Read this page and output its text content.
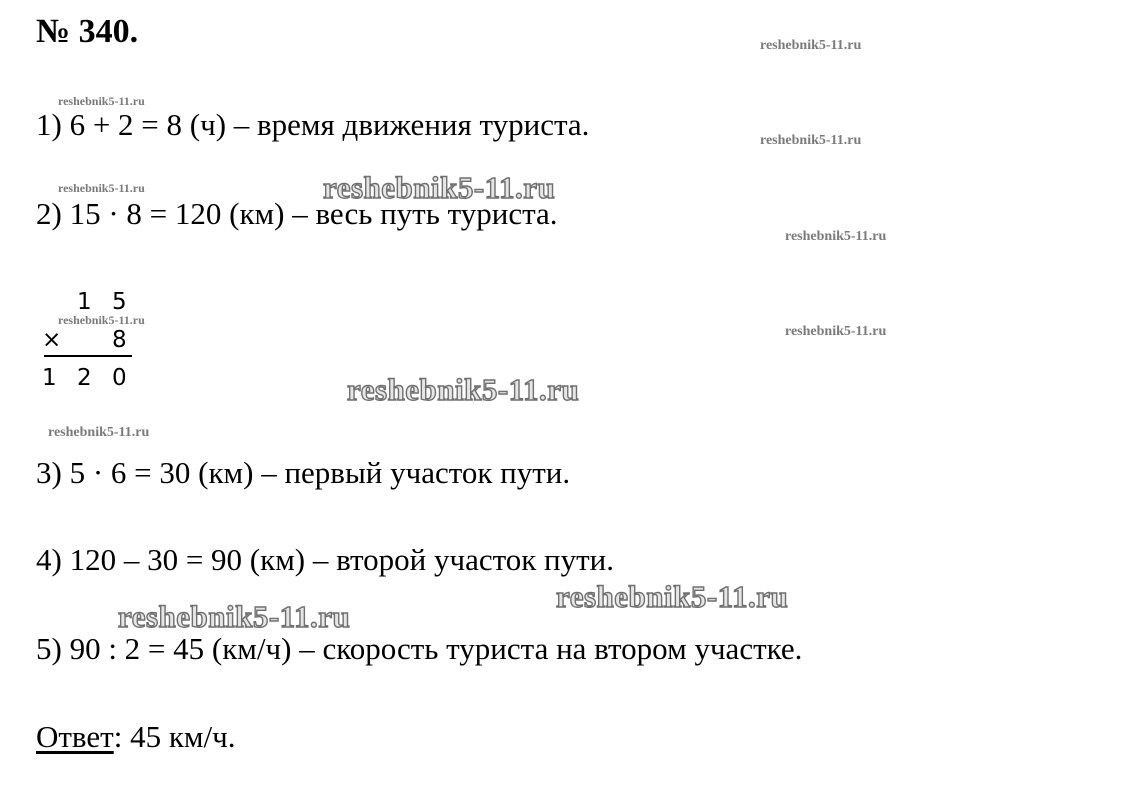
№ 340.	reshebnik5-11.ru
reshebnik5-11.ru
reshebnik5-11.ru
reshebnik5-11.ru
reshebnik5-11.ru
reshebnik5-11.ru
reshebnik5-11.ru
reshebnik5-11.ru
1) 6 + 2 = 8 (ч) – время движения туриста.
reshebnik5-11.ru
2) 15 · 8 = 120 (км) – весь путь туриста.
1 5
× 8
1 2 0	reshebnik5-11.ru
3) 5 · 6 = 30 (км) – первый участок пути.
4) 120 – 30 = 90 (км) – второй участок пути.
reshebnik5-11.ru
reshebnik5-11.ru
5) 90 : 2 = 45 (км/ч) – скорость туриста на втором участке.
Ответ: 45 км/ч.
